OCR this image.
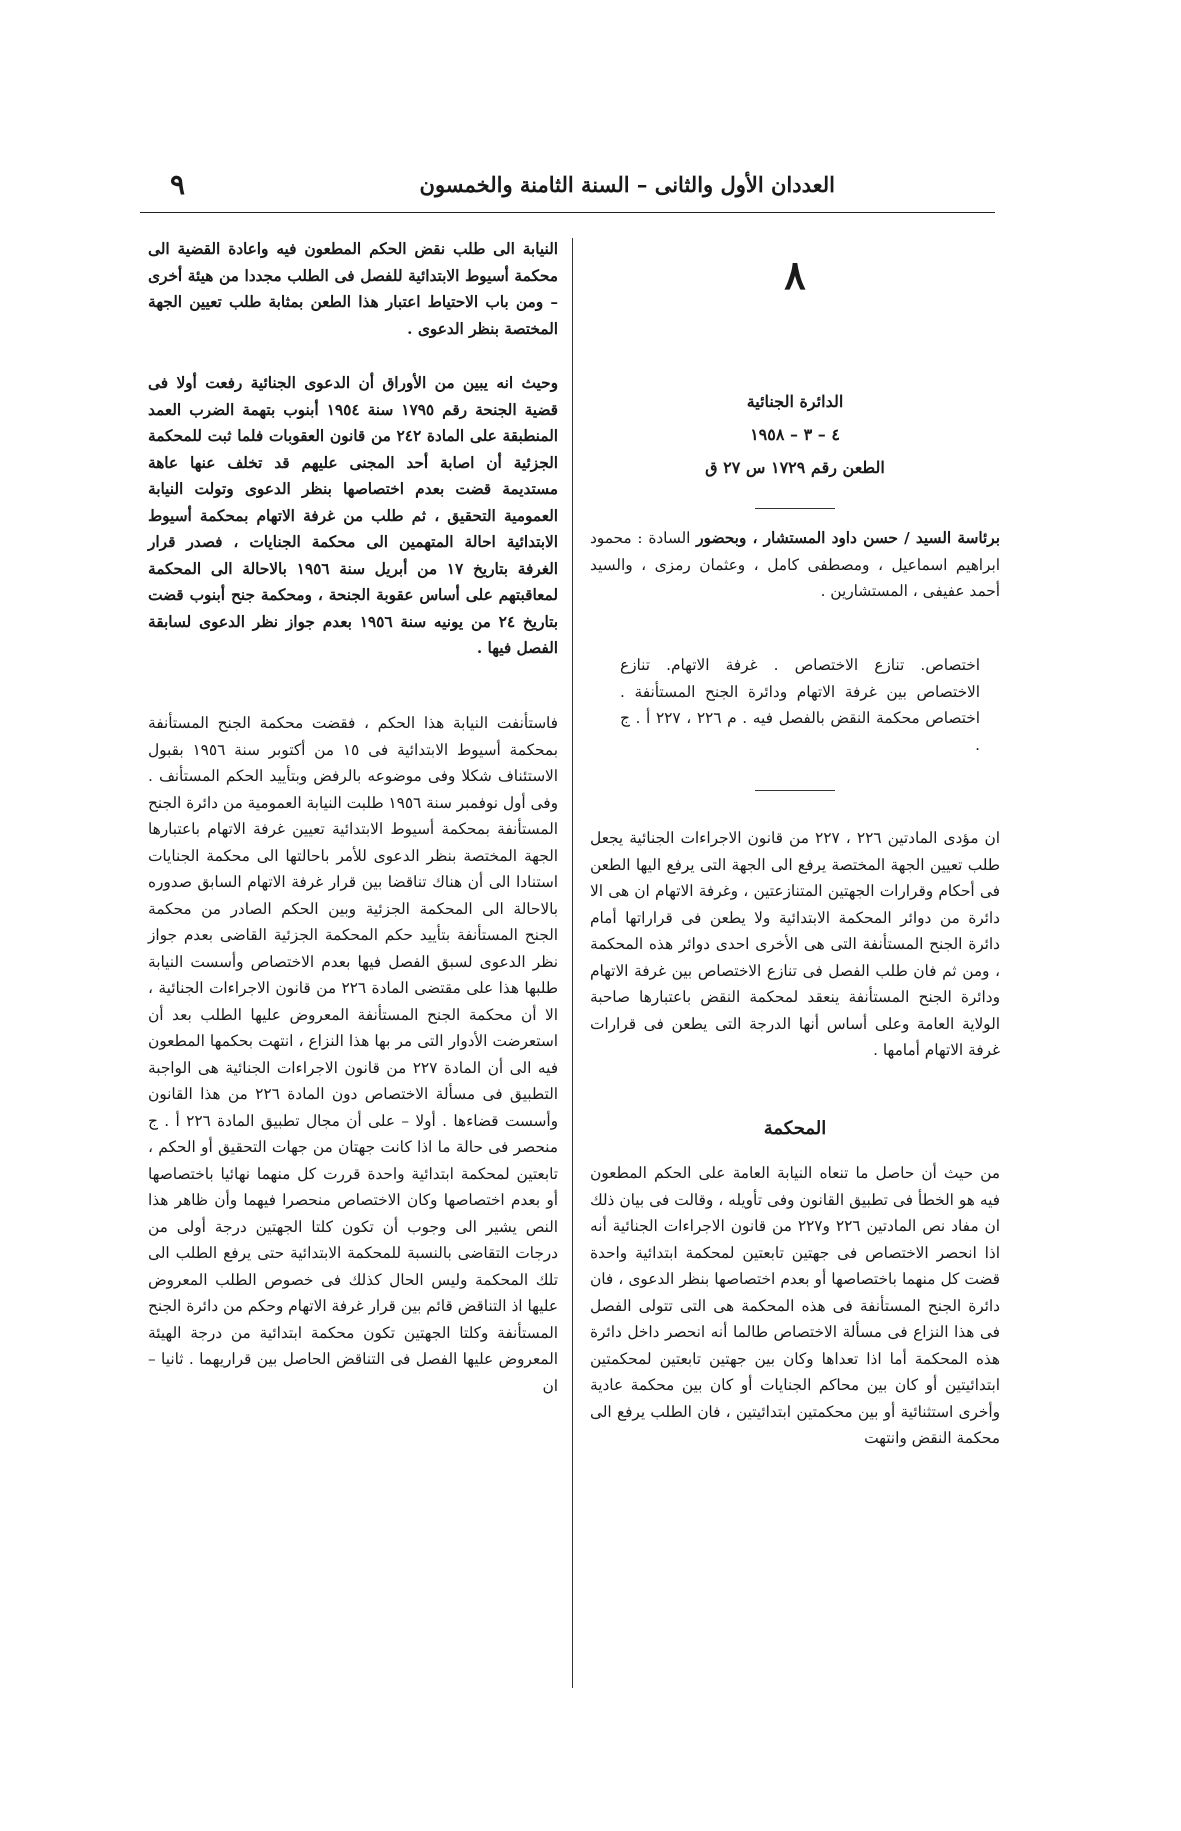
العددان الأول والثانى – السنة الثامنة والخمسون
٩
٨
الدائرة الجنائية
٤ – ٣ – ١٩٥٨
الطعن رقم ١٧٢٩ س ٢٧ ق

برئاسة السيد / حسن داود المستشار ، وبحضور السادة : محمود ابراهيم اسماعيل ، ومصطفى كامل ، وعثمان رمزى ، والسيد أحمد عفيفى ، المستشارين .

اختصاص. تنازع الاختصاص . غرفة الاتهام. تنازع الاختصاص بين غرفة الاتهام ودائرة الجنح المستأنفة . اختصاص محكمة النقض بالفصل فيه . م ٢٢٦ ، ٢٢٧ أ . ج .

ان مؤدى المادتين ٢٢٦ ، ٢٢٧ من قانون الاجراءات الجنائية يجعل طلب تعيين الجهة المختصة يرفع الى الجهة التى يرفع اليها الطعن فى أحكام وقرارات الجهتين المتنازعتين ، وغرفة الاتهام ان هى الا دائرة من دوائر المحكمة الابتدائية ولا يطعن فى قراراتها أمام دائرة الجنح المستأنفة التى هى الأخرى احدى دوائر هذه المحكمة ، ومن ثم فان طلب الفصل فى تنازع الاختصاص بين غرفة الاتهام ودائرة الجنح المستأنفة ينعقد لمحكمة النقض باعتبارها صاحبة الولاية العامة وعلى أساس أنها الدرجة التى يطعن فى قرارات غرفة الاتهام أمامها .

المحكمة

من حيث أن حاصل ما تنعاه النيابة العامة على الحكم المطعون فيه هو الخطأ فى تطبيق القانون وفى تأويله ، وقالت فى بيان ذلك ان مفاد نص المادتين ٢٢٦ و٢٢٧ من قانون الاجراءات الجنائية أنه اذا انحصر الاختصاص فى جهتين تابعتين لمحكمة ابتدائية واحدة قضت كل منهما باختصاصها أو بعدم اختصاصها بنظر الدعوى ، فان دائرة الجنح المستأنفة فى هذه المحكمة هى التى تتولى الفصل فى هذا النزاع فى مسألة الاختصاص طالما أنه انحصر داخل دائرة هذه المحكمة أما اذا تعداها وكان بين جهتين تابعتين لمحكمتين ابتدائيتين أو كان بين محاكم الجنايات أو كان بين محكمة عادية وأخرى استثنائية أو بين محكمتين ابتدائيتين ، فان الطلب يرفع الى محكمة النقض وانتهت

النيابة الى طلب نقض الحكم المطعون فيه واعادة القضية الى محكمة أسيوط الابتدائية للفصل فى الطلب مجددا من هيئة أخرى – ومن باب الاحتياط اعتبار هذا الطعن بمثابة طلب تعيين الجهة المختصة بنظر الدعوى .

وحيث انه يبين من الأوراق أن الدعوى الجنائية رفعت أولا فى قضية الجنحة رقم ١٧٩٥ سنة ١٩٥٤ أبنوب بتهمة الضرب العمد المنطبقة على المادة ٢٤٢ من قانون العقوبات فلما ثبت للمحكمة الجزئية أن اصابة أحد المجنى عليهم قد تخلف عنها عاهة مستديمة قضت بعدم اختصاصها بنظر الدعوى وتولت النيابة العمومية التحقيق ، ثم طلب من غرفة الاتهام بمحكمة أسيوط الابتدائية احالة المتهمين الى محكمة الجنايات ، فصدر قرار الغرفة بتاريخ ١٧ من أبريل سنة ١٩٥٦ بالاحالة الى المحكمة لمعاقبتهم على أساس عقوبة الجنحة ، ومحكمة جنح أبنوب قضت بتاريخ ٢٤ من يونيه سنة ١٩٥٦ بعدم جواز نظر الدعوى لسابقة الفصل فيها .

فاستأنفت النيابة هذا الحكم ، فقضت محكمة الجنح المستأنفة بمحكمة أسيوط الابتدائية فى ١٥ من أكتوبر سنة ١٩٥٦ بقبول الاستئناف شكلا وفى موضوعه بالرفض وبتأييد الحكم المستأنف . وفى أول نوفمبر سنة ١٩٥٦ طلبت النيابة العمومية من دائرة الجنح المستأنفة بمحكمة أسيوط الابتدائية تعيين غرفة الاتهام باعتبارها الجهة المختصة بنظر الدعوى للأمر باحالتها الى محكمة الجنايات استنادا الى أن هناك تناقضا بين قرار غرفة الاتهام السابق صدوره بالاحالة الى المحكمة الجزئية وبين الحكم الصادر من محكمة الجنح المستأنفة بتأييد حكم المحكمة الجزئية القاضى بعدم جواز نظر الدعوى لسبق الفصل فيها بعدم الاختصاص وأسست النيابة طلبها هذا على مقتضى المادة ٢٢٦ من قانون الاجراءات الجنائية ، الا أن محكمة الجنح المستأنفة المعروض عليها الطلب بعد أن استعرضت الأدوار التى مر بها هذا النزاع ، انتهت بحكمها المطعون فيه الى أن المادة ٢٢٧ من قانون الاجراءات الجنائية هى الواجبة التطبيق فى مسألة الاختصاص دون المادة ٢٢٦ من هذا القانون وأسست قضاءها . أولا – على أن مجال تطبيق المادة ٢٢٦ أ . ج منحصر فى حالة ما اذا كانت جهتان من جهات التحقيق أو الحكم ، تابعتين لمحكمة ابتدائية واحدة قررت كل منهما نهائيا باختصاصها أو بعدم اختصاصها وكان الاختصاص منحصرا فيهما وأن ظاهر هذا النص يشير الى وجوب أن تكون كلتا الجهتين درجة أولى من درجات التقاضى بالنسبة للمحكمة الابتدائية حتى يرفع الطلب الى تلك المحكمة وليس الحال كذلك فى خصوص الطلب المعروض عليها اذ التناقض قائم بين قرار غرفة الاتهام وحكم من دائرة الجنح المستأنفة وكلتا الجهتين تكون محكمة ابتدائية من درجة الهيئة المعروض عليها الفصل فى التناقض الحاصل بين قراريهما . ثانيا – ان
